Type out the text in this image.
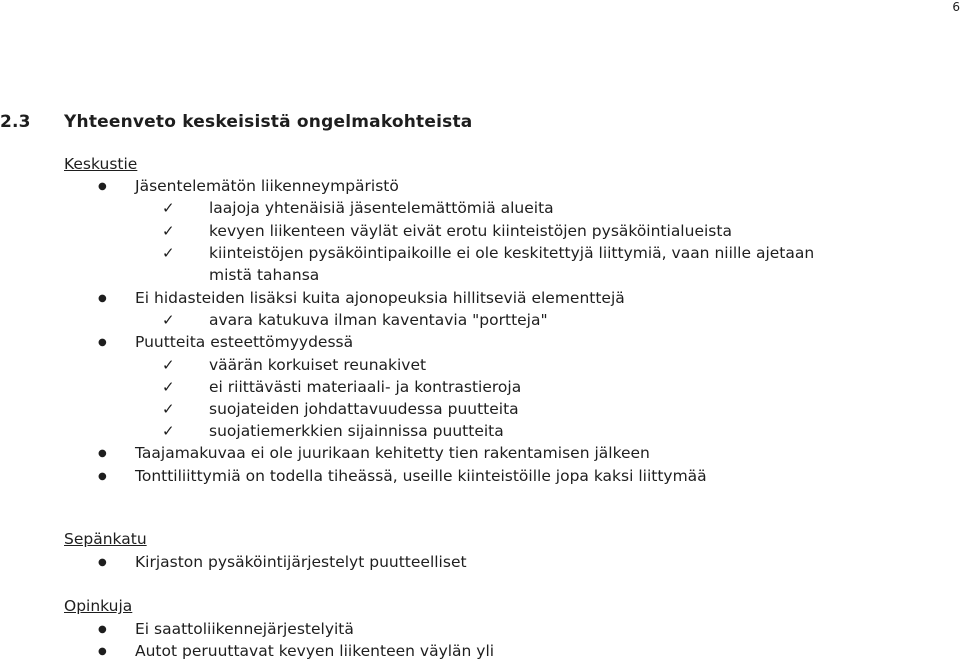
6
2.3 Yhteenveto keskeisistä ongelmakohteista
Keskustie
● Jäsentelemätön liikenneympäristö
✓ laajoja yhtenäisiä jäsentelemättömiä alueita
✓ kevyen liikenteen väylät eivät erotu kiinteistöjen pysäköintialueista
✓ kiinteistöjen pysäköintipaikoille ei ole keskitettyjä liittymiä, vaan niille ajetaan
mistä tahansa
● Ei hidasteiden lisäksi kuita ajonopeuksia hillitseviä elementtejä
✓ avara katukuva ilman kaventavia "portteja"
● Puutteita esteettömyydessä
✓ väärän korkuiset reunakivet
✓ ei riittävästi materiaali- ja kontrastieroja
✓ suojateiden johdattavuudessa puutteita
✓ suojatiemerkkien sijainnissa puutteita
● Taajamakuvaa ei ole juurikaan kehitetty tien rakentamisen jälkeen
● Tonttiliittymiä on todella tiheässä, useille kiinteistöille jopa kaksi liittymää
Sepänkatu
● Kirjaston pysäköintijärjestelyt puutteelliset
Opinkuja
● Ei saattoliikennejärjestelyitä
● Autot peruuttavat kevyen liikenteen väylän yli
